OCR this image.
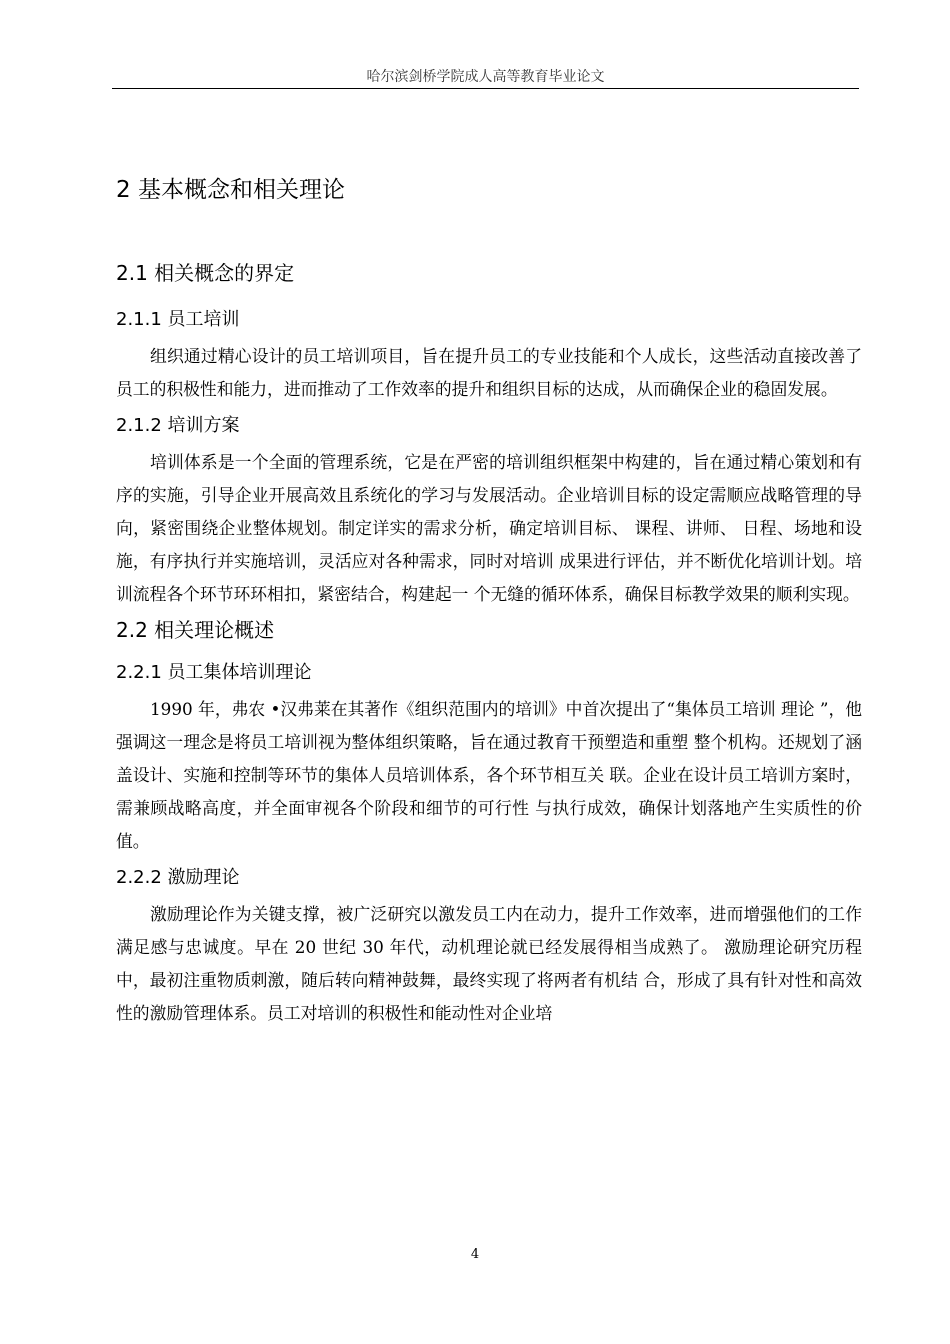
哈尔滨剑桥学院成人高等教育毕业论文
2 基本概念和相关理论
2.1 相关概念的界定
2.1.1 员工培训

组织通过精心设计的员工培训项目，旨在提升员工的专业技能和个人成长，这些活动直接改善了员工的积极性和能力，进而推动了工作效率的提升和组织目标的达成，从而确保企业的稳固发展。

2.1.2 培训方案

培训体系是一个全面的管理系统，它是在严密的培训组织框架中构建的，旨在通过精心策划和有序的实施，引导企业开展高效且系统化的学习与发展活动。企业培训目标的设定需顺应战略管理的导向，紧密围绕企业整体规划。制定详实的需求分析，确定培训目标、 课程、讲师、 日程、场地和设施，有序执行并实施培训，灵活应对各种需求，同时对培训 成果进行评估，并不断优化培训计划。培训流程各个环节环环相扣，紧密结合，构建起一 个无缝的循环体系，确保目标教学效果的顺利实现。

2.2 相关理论概述
2.2.1 员工集体培训理论

1990 年，弗农 •汉弗莱在其著作《组织范围内的培训》中首次提出了“集体员工培训 理论 ”，他强调这一理念是将员工培训视为整体组织策略，旨在通过教育干预塑造和重塑 整个机构。还规划了涵盖设计、实施和控制等环节的集体人员培训体系，各个环节相互关 联。企业在设计员工培训方案时，需兼顾战略高度，并全面审视各个阶段和细节的可行性 与执行成效，确保计划落地产生实质性的价值。

2.2.2 激励理论

激励理论作为关键支撑，被广泛研究以激发员工内在动力，提升工作效率，进而增强他们的工作满足感与忠诚度。早在 20 世纪 30 年代，动机理论就已经发展得相当成熟了。 激励理论研究历程中，最初注重物质刺激，随后转向精神鼓舞，最终实现了将两者有机结 合，形成了具有针对性和高效性的激励管理体系。员工对培训的积极性和能动性对企业培

4
